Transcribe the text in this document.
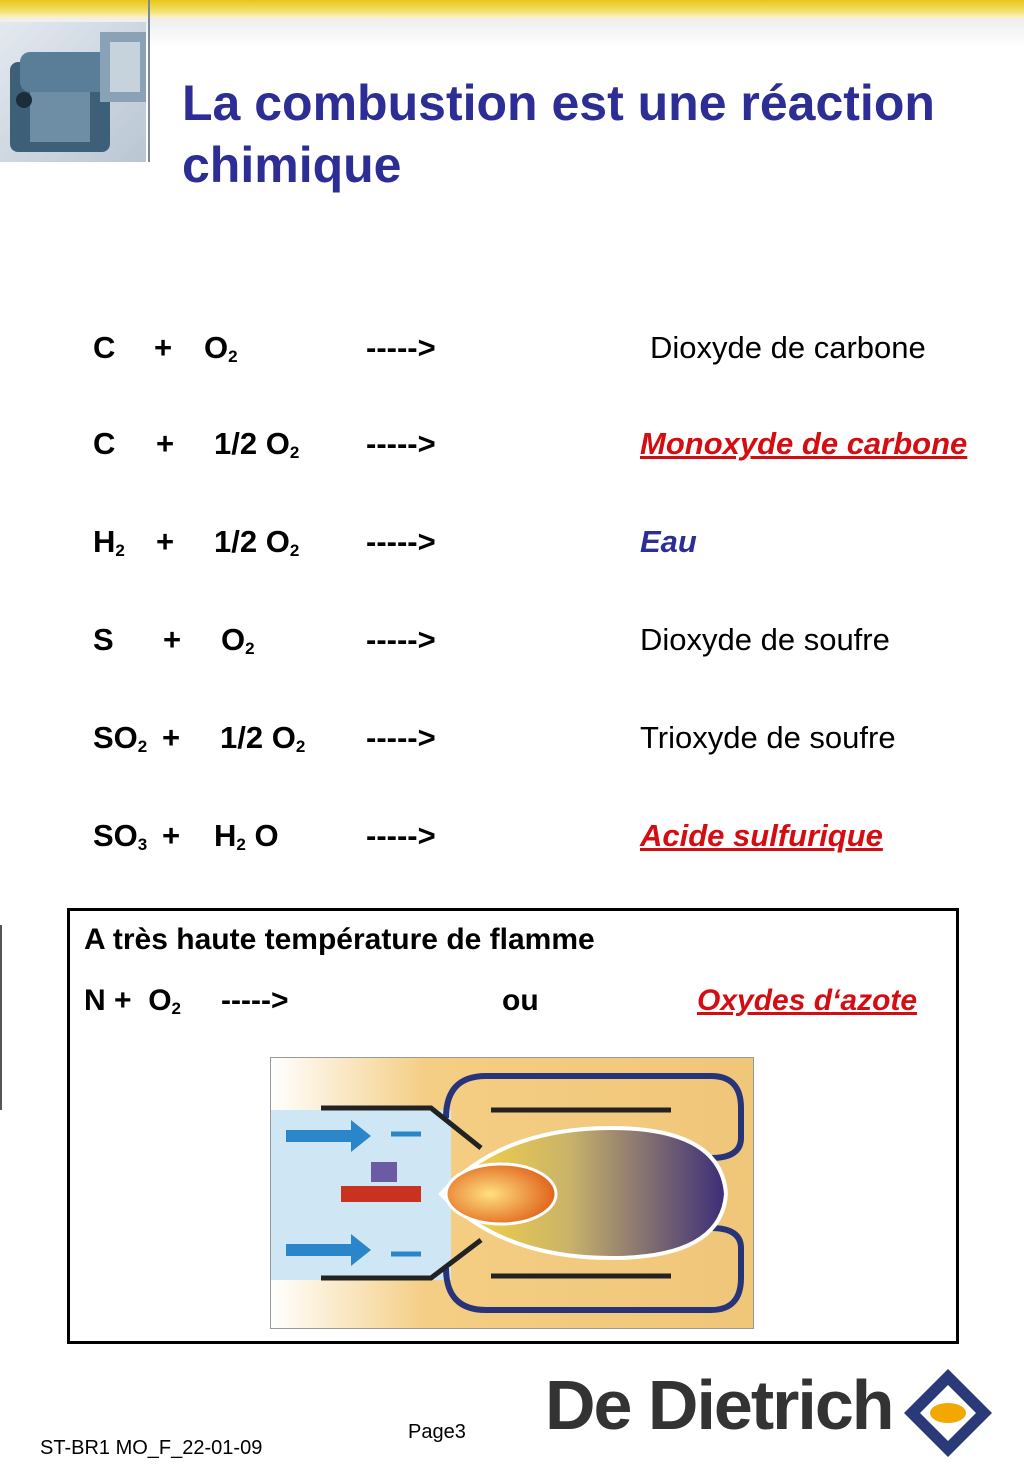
La combustion est une réaction chimique
$C + O_2$	----->	Dioxyde de carbone
C + 1/2 $O_2$ ----->	Monoxyde de carbone
$H_2 + 1/2$ $O_2$ ----->	Eau
$S + O_2$	----->	Dioxyde de soufre
$SO_2 + 1/2$ $O_2$ ----->	Trioxyde de soufre
$SO_3 + H_2$ O	----->	Acide sulfurique
A très haute température de flamme
$N + O_2$ ----->	ou	Oxydes d‘azote
ST-BR1 MO_F_22-01-09
Page3 De Dietrich
